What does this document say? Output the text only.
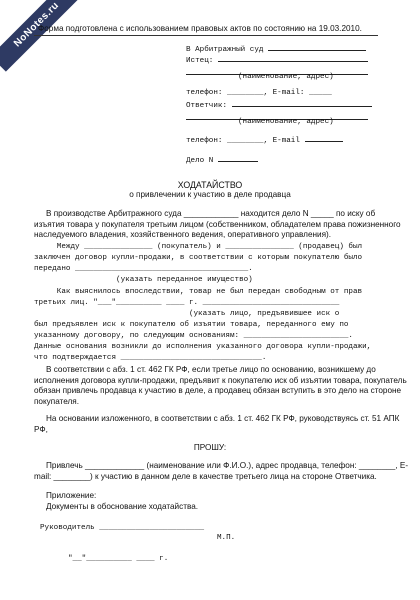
NoNotes.ru
Форма подготовлена с использованием правовых актов по состоянию на 19.03.2010.
В Арбитражный суд
Истец:
(наименование, адрес)
телефон: ________, E-mail: _____
Ответчик:
(наименование, адрес)
телефон: ________, E-mail
Дело N
ХОДАТАЙСТВО
о привлечении к участию в деле продавца
В производстве Арбитражного суда ____________ находится дело N _____ по иску об
изъятия товара у покупателя третьим лицом (собственником, обладателем права пожизненного
наследуемого владения, хозяйственного ведения, оперативного управления).
Между _______________ (покупатель) и _______________ (продавец) был
заключен договор купли-продажи, в соответствии с которым покупателю было
передано ______________________________________.
(указать переданное имущество)
Как выяснилось впоследствии, товар не был передан свободным от прав
третьих лиц. "___"__________ ____ г. ______________________________
(указать лицо, предъявившее иск о
был предъявлен иск к покупателю об изъятии товара, переданного ему по
указанному договору, по следующим основаниям: _______________________.
Данные основания возникли до исполнения указанного договора купли-продажи,
что подтверждается _______________________________.
В соответствии с абз. 1 ст. 462 ГК РФ, если третье лицо по основанию, возникшему до
исполнения договора купли-продажи, предъявит к покупателю иск об изъятии товара, покупатель
обязан привлечь продавца к участию в деле, а продавец обязан вступить в это дело на стороне
покупателя.
На основании изложенного, в соответствии с абз. 1 ст. 462 ГК РФ, руководствуясь ст. 51 АПК
РФ,
ПРОШУ:
Привлечь _____________ (наименование или Ф.И.О.), адрес продавца, телефон: ________, E-
mail: ________) к участию в данном деле в качестве третьего лица на стороне Ответчика.
Приложение:
Документы в обоснование ходатайства.
Руководитель _______________________
М.П.
"__"__________ ____ г.
